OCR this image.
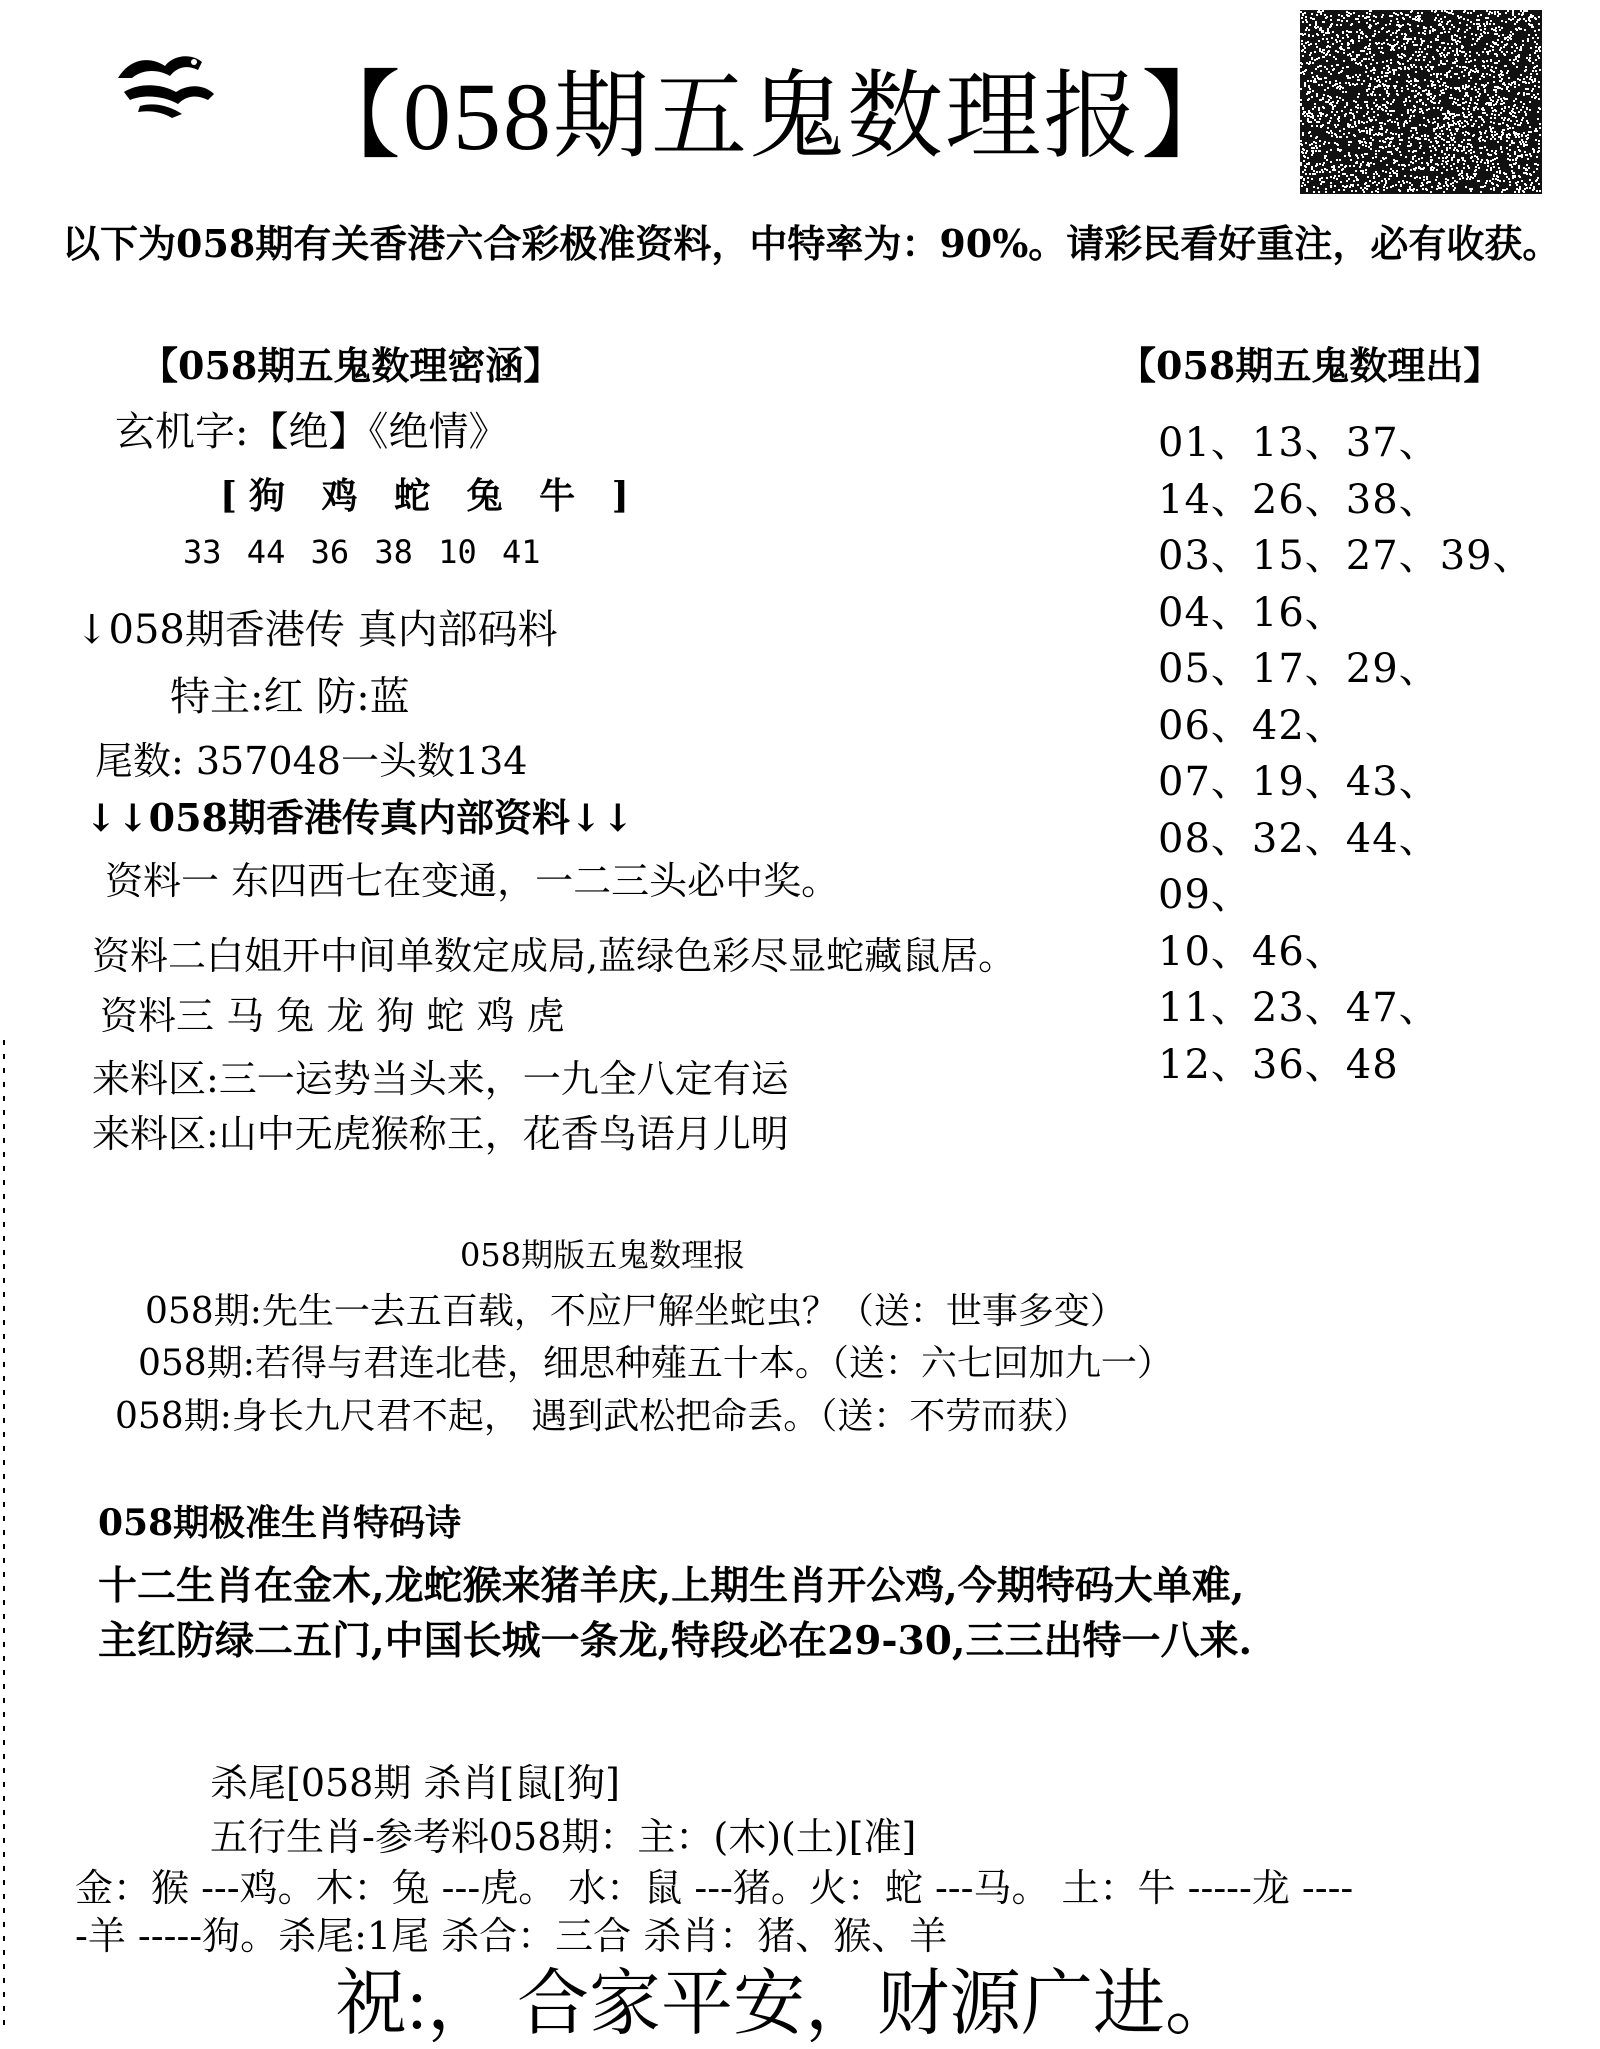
【058期五鬼数理报】
以下为058期有关香港六合彩极准资料，中特率为：90%。请彩民看好重注，必有收获。
【058期五鬼数理密涵】
玄机字:【绝】《绝情》
[狗 鸡 蛇 兔 牛 ]
33 44 36 38 10 41
↓058期香港传 真内部码料
特主:红 防:蓝
尾数: 357048一头数134
↓↓058期香港传真内部资料↓↓
资料一 东四西七在变通，一二三头必中奖。
资料二白姐开中间单数定成局,蓝绿色彩尽显蛇藏鼠居。
资料三 马 兔 龙 狗 蛇 鸡 虎
来料区:三一运势当头来，一九全八定有运
来料区:山中无虎猴称王，花香鸟语月儿明
【058期五鬼数理出】
01、13、37、
14、26、38、
03、15、27、39、
04、16、
05、17、29、
06、42、
07、19、43、
08、32、44、
09、
10、46、
11、23、47、
12、36、48
058期版五鬼数理报
058期:先生一去五百载，不应尸解坐蛇虫？（送：世事多变）
058期:若得与君连北巷，细思种薤五十本。（送：六七回加九一）
058期:身长九尺君不起， 遇到武松把命丢。（送：不劳而获）
058期极准生肖特码诗
十二生肖在金木,龙蛇猴来猪羊庆,上期生肖开公鸡,今期特码大单难,
主红防绿二五门,中国长城一条龙,特段必在29-30,三三出特一八来.
杀尾[058期 杀肖[鼠[狗]
五行生肖-参考料058期：主：(木)(土)[准]
金：猴 ---鸡。木：兔 ---虎。 水：鼠 ---猪。火：蛇 ---马。 土：牛 -----龙 ----
-羊 -----狗。杀尾:1尾 杀合：三合 杀肖：猪、猴、羊
祝:， 合家平安，财源广进。
